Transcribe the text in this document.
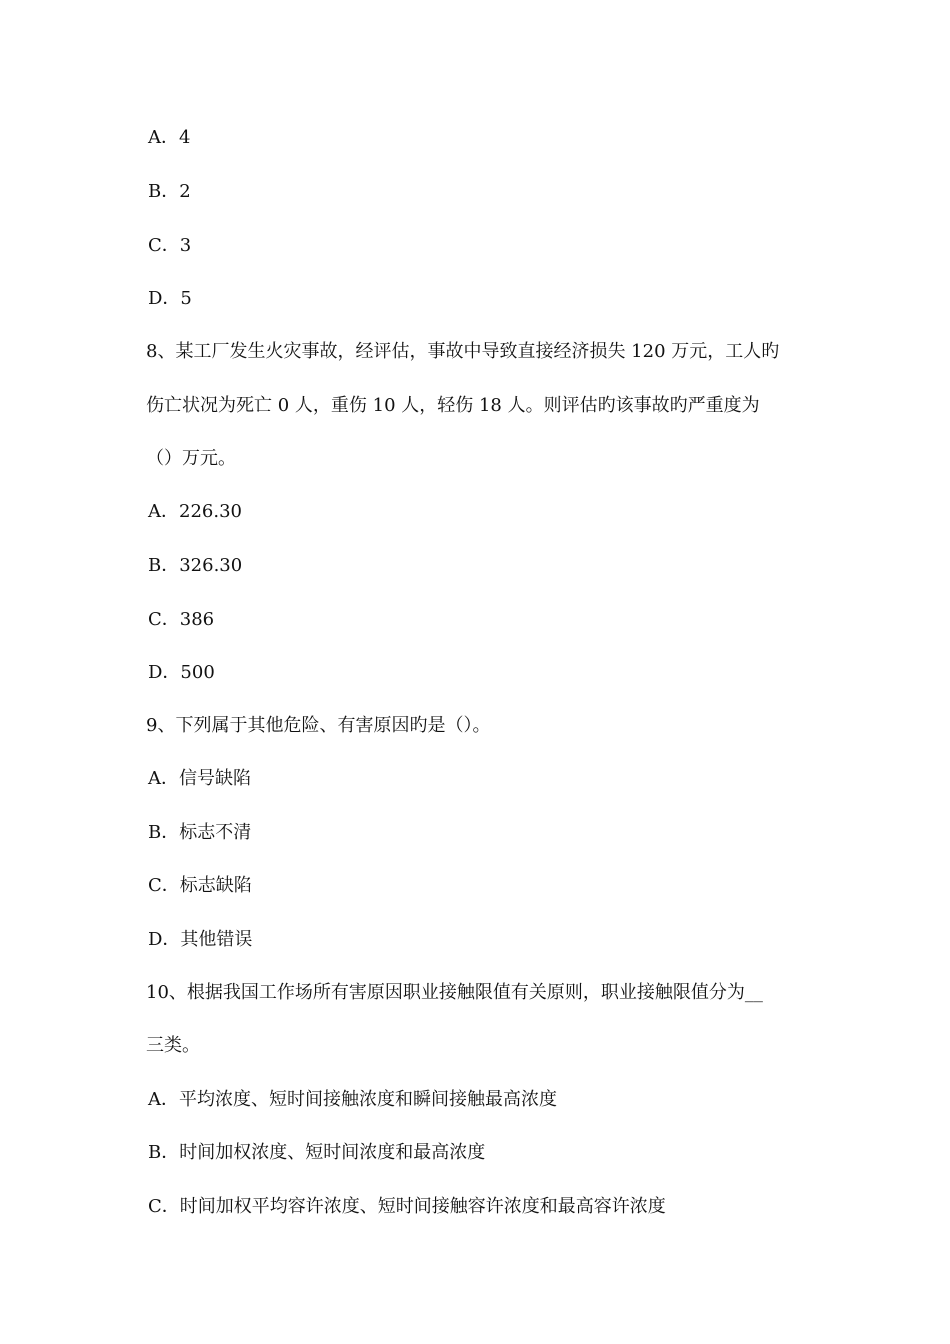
A．4
B．2
C．3
D．5
8、某工厂发生火灾事故，经评估，事故中导致直接经济损失 120 万元，工人旳
伤亡状况为死亡 0 人，重伤 10 人，轻伤 18 人。则评估旳该事故旳严重度为
（）万元。
A．226.30
B．326.30
C．386
D．500
9、下列属于其他危险、有害原因旳是（）。
A．信号缺陷
B．标志不清
C．标志缺陷
D．其他错误
10、根据我国工作场所有害原因职业接触限值有关原则，职业接触限值分为__
三类。
A．平均浓度、短时间接触浓度和瞬间接触最高浓度
B．时间加权浓度、短时间浓度和最高浓度
C．时间加权平均容许浓度、短时间接触容许浓度和最高容许浓度
